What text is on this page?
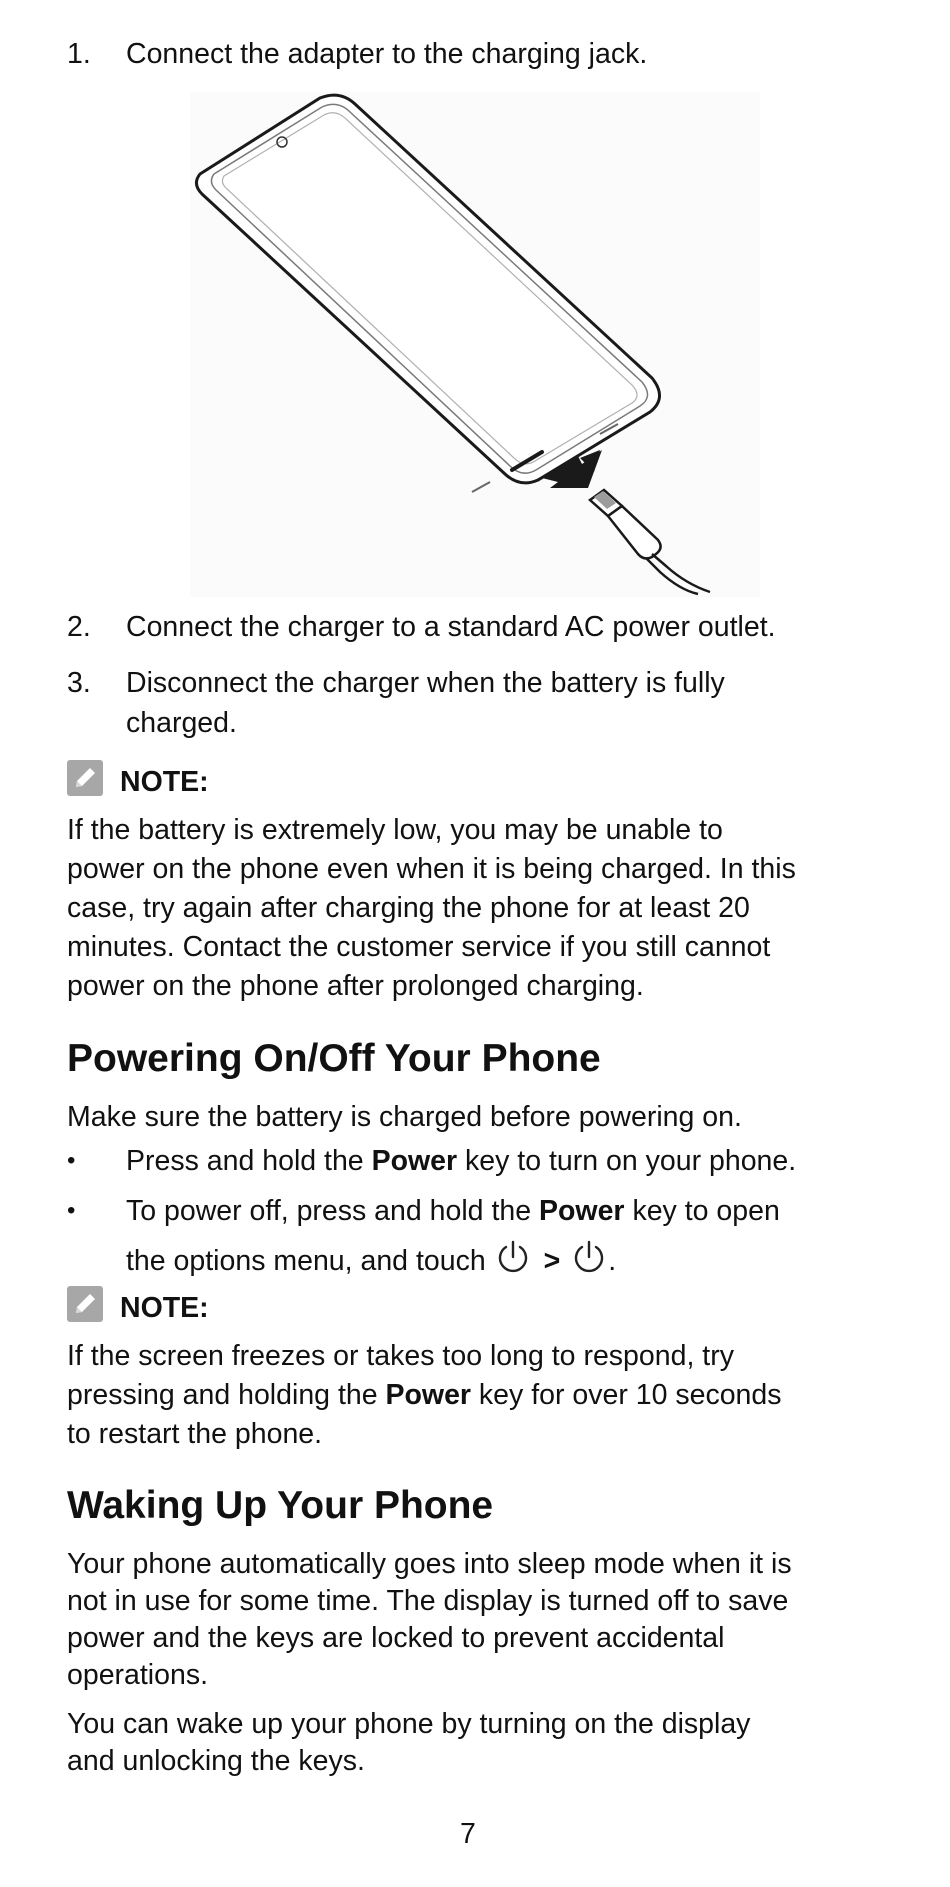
1.	Connect the adapter to the charging jack.
2.	Connect the charger to a standard AC power outlet.
3.	Disconnect the charger when the battery is fully
charged.
NOTE:
If the battery is extremely low, you may be unable to
power on the phone even when it is being charged. In this
case, try again after charging the phone for at least 20
minutes. Contact the customer service if you still cannot
power on the phone after prolonged charging.
Powering On/Off Your Phone
Make sure the battery is charged before powering on.
• Press and hold the Power key to turn on your phone.
• To power off, press and hold the Power key to open
the options menu, and touch > .
NOTE:
If the screen freezes or takes too long to respond, try
pressing and holding the Power key for over 10 seconds
to restart the phone.
Waking Up Your Phone
Your phone automatically goes into sleep mode when it is
not in use for some time. The display is turned off to save
power and the keys are locked to prevent accidental
operations.
You can wake up your phone by turning on the display
and unlocking the keys.
7
